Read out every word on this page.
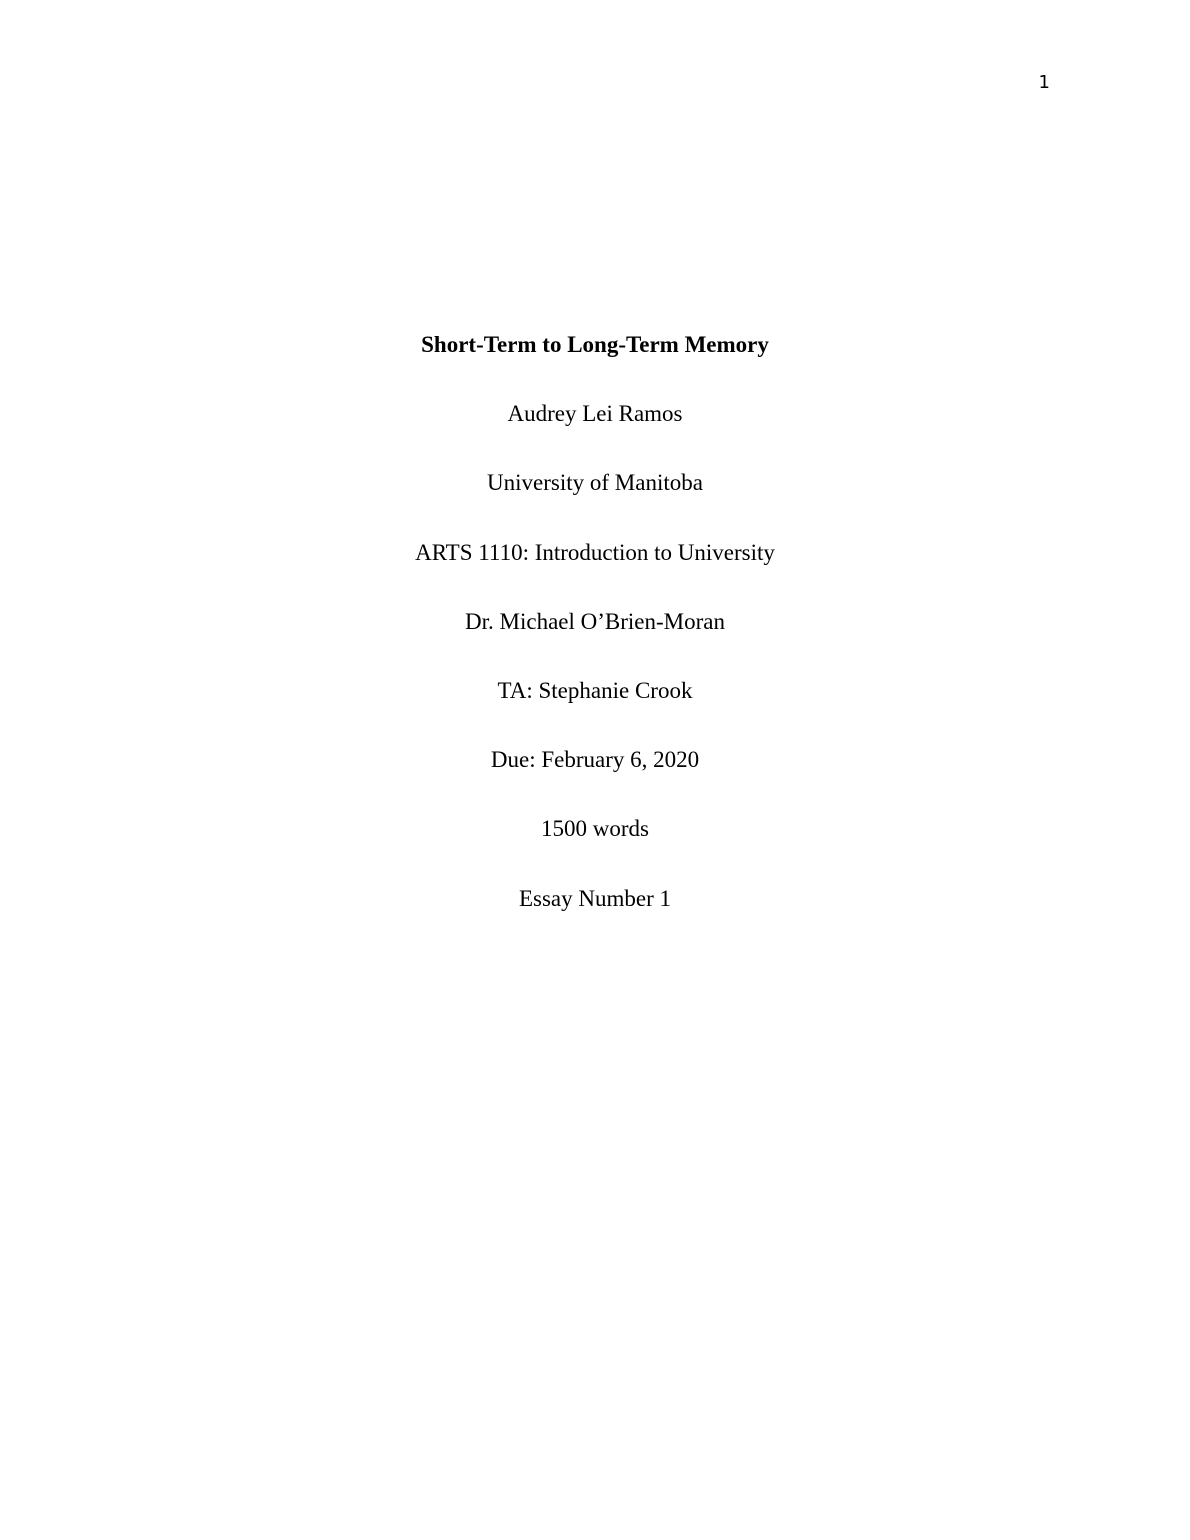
1

Short-Term to Long-Term Memory

Audrey Lei Ramos

University of Manitoba

ARTS 1110: Introduction to University

Dr. Michael O’Brien-Moran

TA: Stephanie Crook

Due: February 6, 2020

1500 words

Essay Number 1
